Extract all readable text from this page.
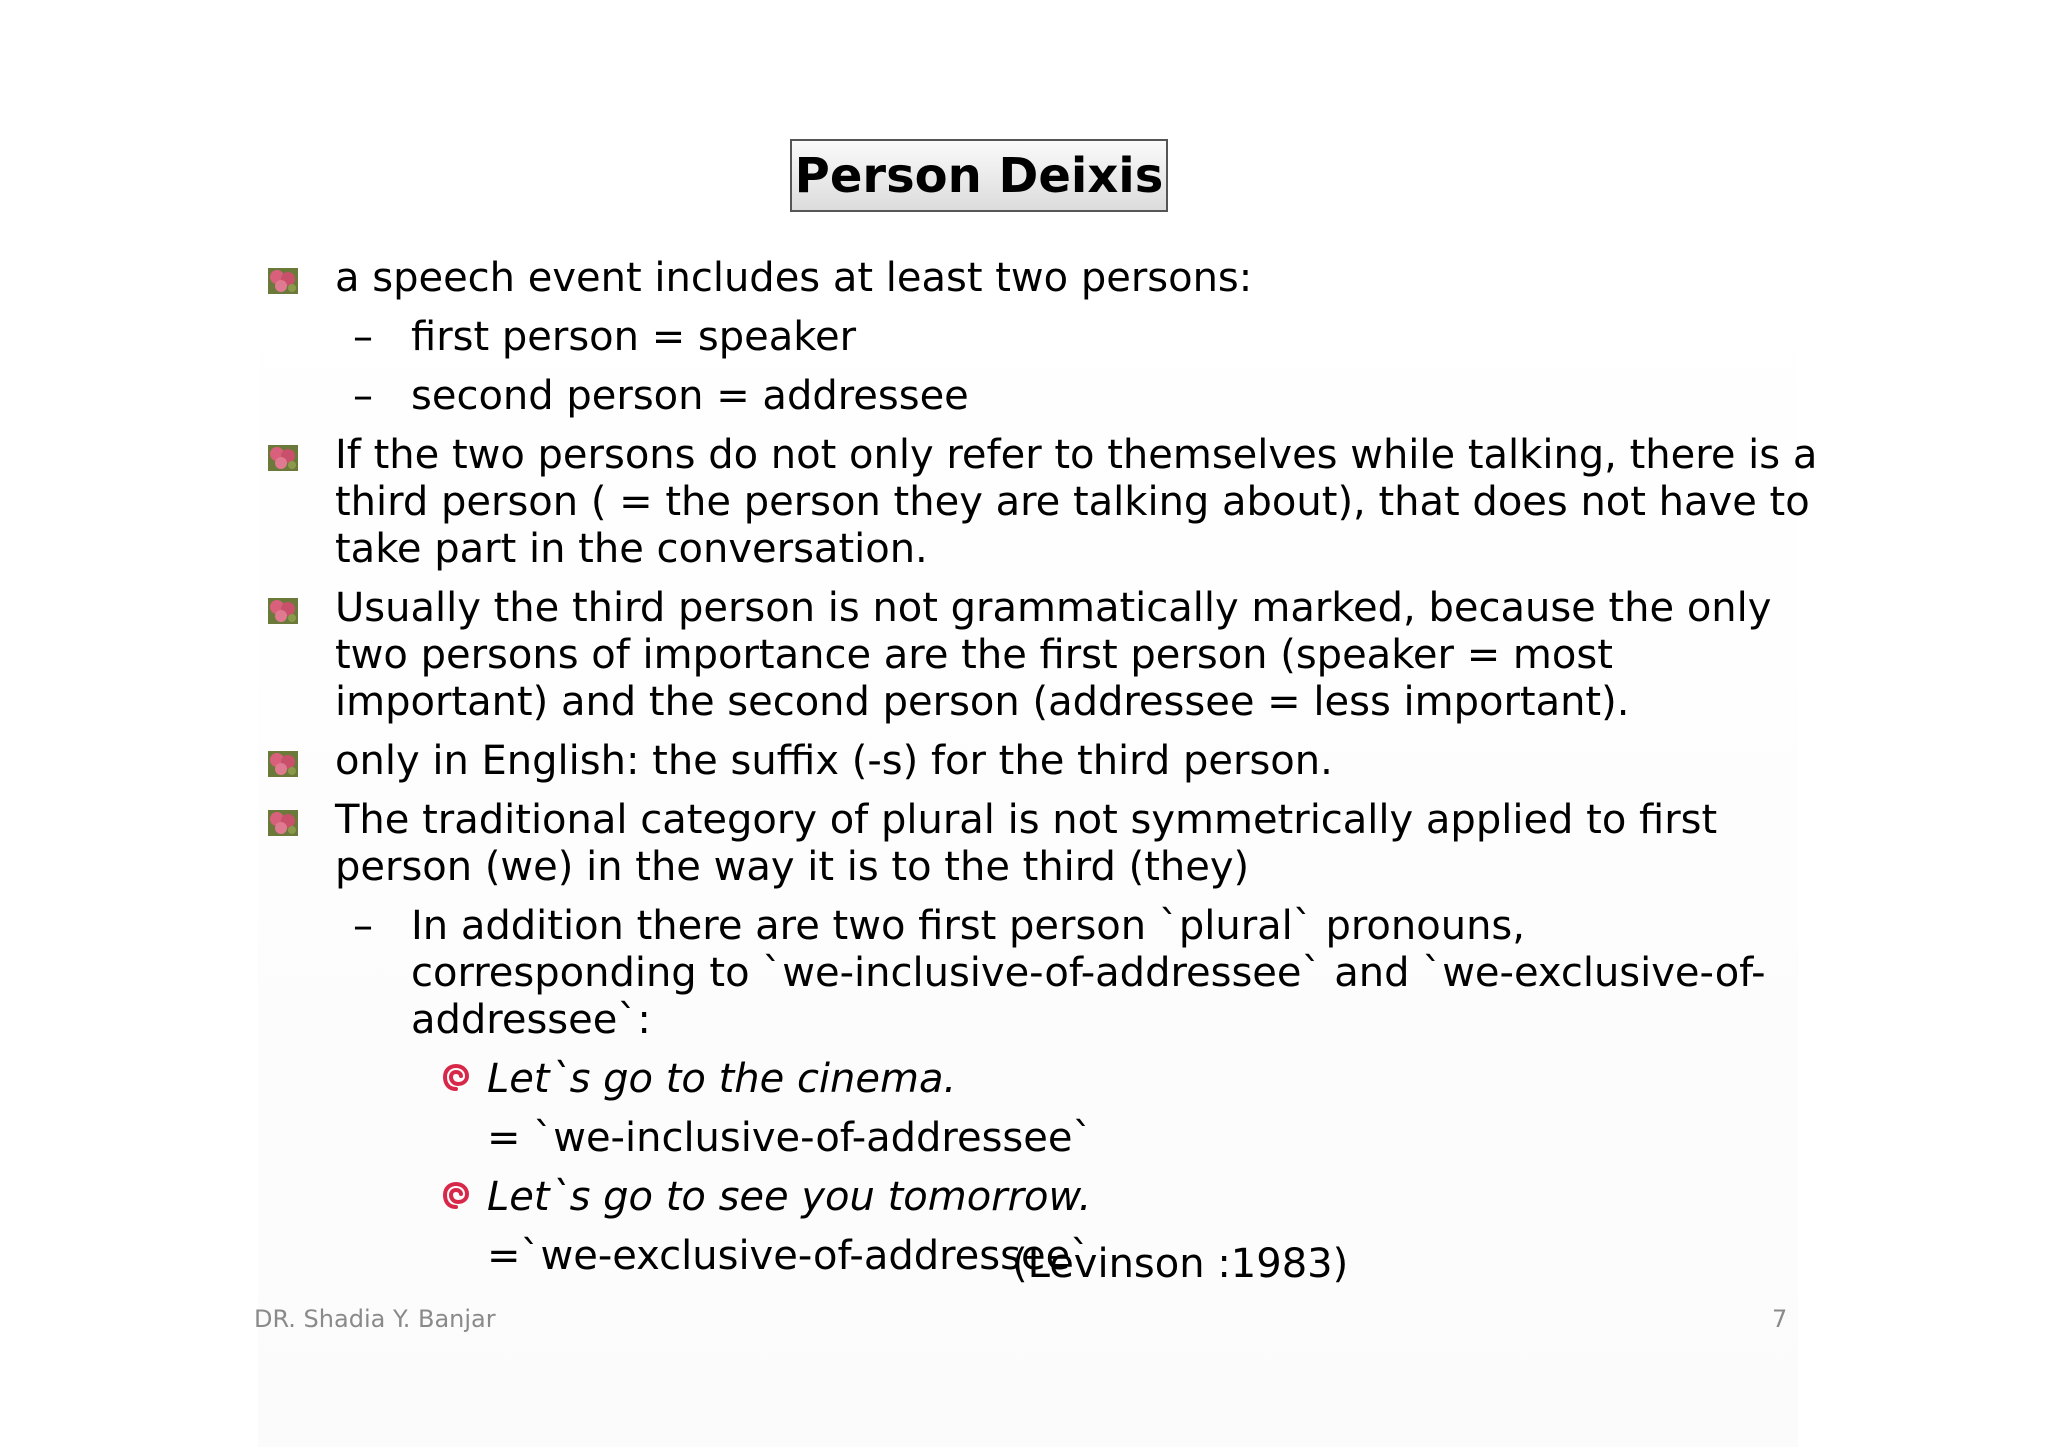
Person Deixis
a speech event includes at least two persons:
– first person = speaker
– second person = addressee
If the two persons do not only refer to themselves while talking, there is a third person ( = the person they are talking about), that does not have to take part in the conversation.
Usually the third person is not grammatically marked, because the only two persons of importance are the first person (speaker = most important) and the second person (addressee = less important).
only in English: the suffix (-s) for the third person.
The traditional category of plural is not symmetrically applied to first person (we) in the way it is to the third (they)
– In addition there are two first person `plural` pronouns, corresponding to `we-inclusive-of-addressee` and `we-exclusive-of-addressee`:
Let`s go to the cinema.
= `we-inclusive-of-addressee`
Let`s go to see you tomorrow.
=`we-exclusive-of-addressee`
(Levinson :1983)
DR. Shadia Y. Banjar	7
